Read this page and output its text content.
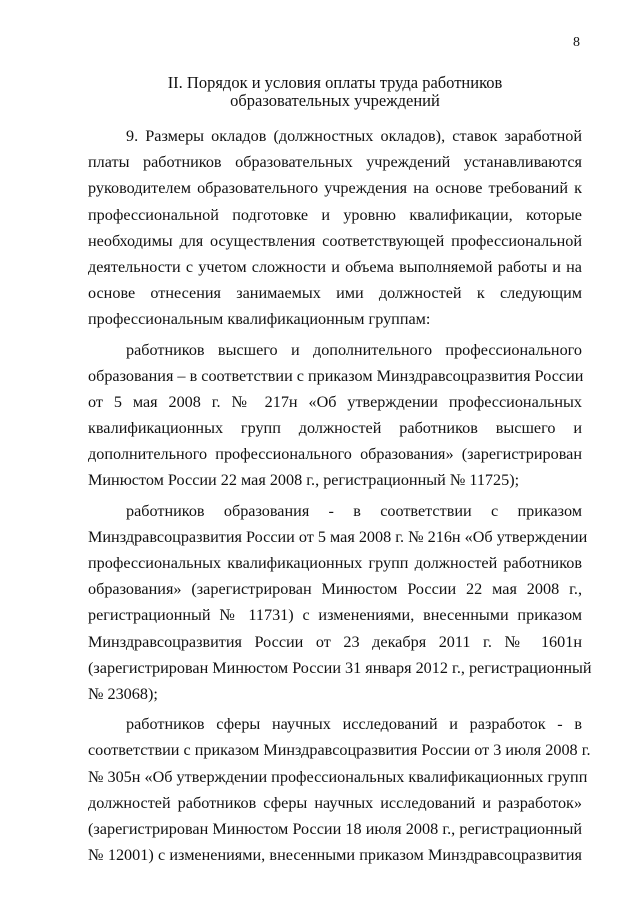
8
II. Порядок и условия оплаты труда работников
образовательных учреждений
9. Размеры окладов (должностных окладов), ставок заработной
платы работников образовательных учреждений устанавливаются
руководителем образовательного учреждения на основе требований к
профессиональной подготовке и уровню квалификации, которые
необходимы для осуществления соответствующей профессиональной
деятельности с учетом сложности и объема выполняемой работы и на
основе отнесения занимаемых ими должностей к следующим
профессиональным квалификационным группам:
работников высшего и дополнительного профессионального
образования – в соответствии с приказом Минздравсоцразвития России
от 5 мая 2008 г. № 217н «Об утверждении профессиональных
квалификационных групп должностей работников высшего и
дополнительного профессионального образования» (зарегистрирован
Минюстом России 22 мая 2008 г., регистрационный № 11725);
работников образования - в соответствии с приказом
Минздравсоцразвития России от 5 мая 2008 г. № 216н «Об утверждении
профессиональных квалификационных групп должностей работников
образования» (зарегистрирован Минюстом России 22 мая 2008 г.,
регистрационный № 11731) с изменениями, внесенными приказом
Минздравсоцразвития России от 23 декабря 2011 г. № 1601н
(зарегистрирован Минюстом России 31 января 2012 г., регистрационный
№ 23068);
работников сферы научных исследований и разработок - в
соответствии с приказом Минздравсоцразвития России от 3 июля 2008 г.
№ 305н «Об утверждении профессиональных квалификационных групп
должностей работников сферы научных исследований и разработок»
(зарегистрирован Минюстом России 18 июля 2008 г., регистрационный
№ 12001) с изменениями, внесенными приказом Минздравсоцразвития
